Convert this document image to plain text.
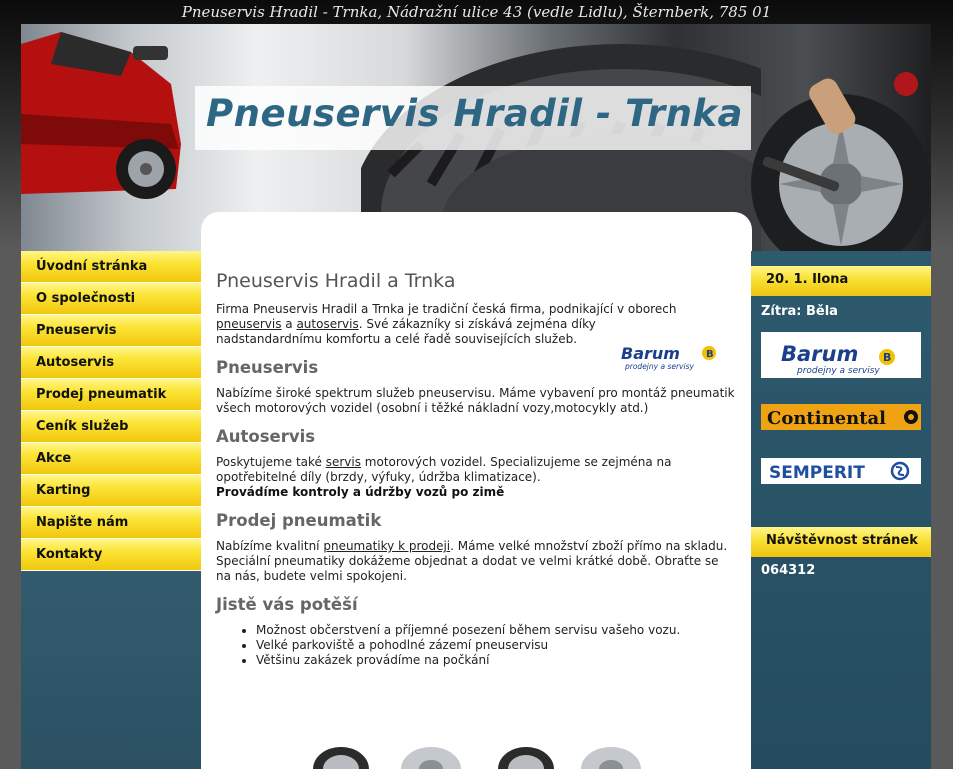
Pneuservis Hradil - Trnka, Nádražní ulice 43 (vedle Lidlu), Šternberk, 785 01
Pneuservis Hradil - Trnka
Úvodní stránka
O společnosti
Pneuservis
Autoservis
Prodej pneumatik
Ceník služeb
Akce
Karting
Napište nám
Kontakty
Pneuservis Hradil a Trnka

Firma Pneuservis Hradil a Trnka je tradiční česká firma, podnikající v oborech pneuservis a autoservis. Své zákazníky si získává zejména díky nadstandardnímu komfortu a celé řadě souvisejících služeb.

Barum	B
prodejny a servisy
Pneuservis

Nabízíme široké spektrum služeb pneuservisu. Máme vybavení pro montáž pneumatik všech motorových vozidel (osobní i těžké nákladní vozy,motocykly atd.)

Autoservis

Poskytujeme také servis motorových vozidel. Specializujeme se zejména na opotřebitelné díly (brzdy, výfuky, údržba klimatizace).
Provádíme kontroly a údržby vozů po zimě

Prodej pneumatik

Nabízíme kvalitní pneumatiky k prodeji. Máme velké množství zboží přímo na skladu. Speciální pneumatiky dokážeme objednat a dodat ve velmi krátké době. Obraťte se na nás, budete velmi spokojeni.

Jistě vás potěší
• Možnost občerstvení a příjemné posezení během servisu vašeho vozu.
• Velké parkoviště a pohodlné zázemí pneuservisu
• Většinu zakázek provádíme na počkání
20. 1. Ilona
Zítra: Běla
Barum B
prodejny a servisy
Continental
SEMPERIT
Návštěvnost stránek
064312
